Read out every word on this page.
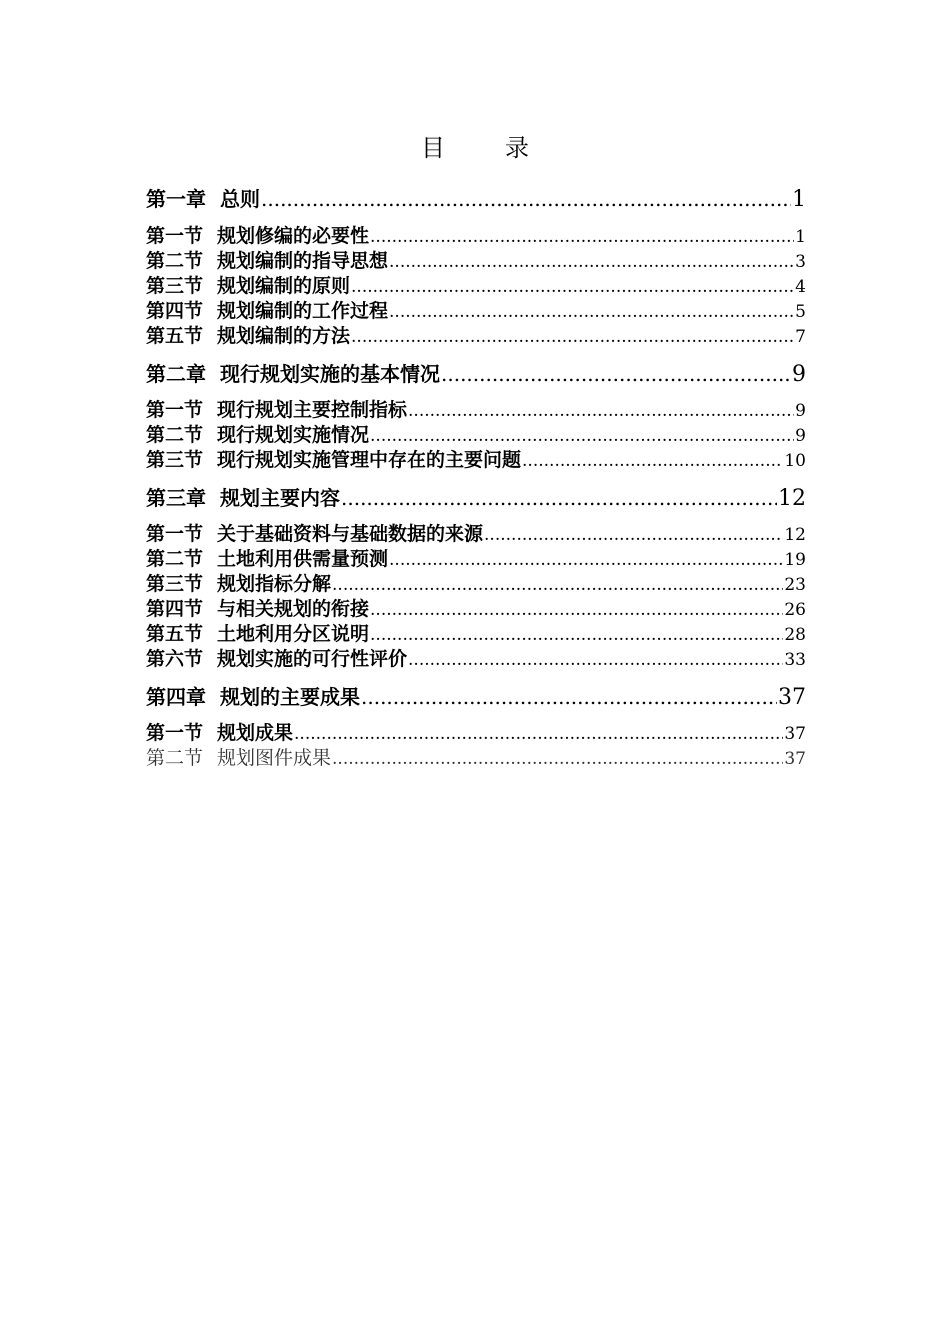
目　录
第一章 总则 .....	1
第一节 规划修编的必要性 .....	1
第二节 规划编制的指导思想 .....	3
第三节 规划编制的原则 .....	4
第四节 规划编制的工作过程 .....	5
第五节 规划编制的方法 .....	7
第二章 现行规划实施的基本情况 .....	9
第一节 现行规划主要控制指标 .....	9
第二节 现行规划实施情况 .....	9
第三节 现行规划实施管理中存在的主要问题 .....	10
第三章 规划主要内容 .....	12
第一节 关于基础资料与基础数据的来源 .....	12
第二节 土地利用供需量预测 .....	19
第三节 规划指标分解 .....	23
第四节 与相关规划的衔接 .....	26
第五节 土地利用分区说明 .....	28
第六节 规划实施的可行性评价 .....	33
第四章 规划的主要成果 .....	37
第一节 规划成果 .....	37
第二节 规划图件成果 .....	37
